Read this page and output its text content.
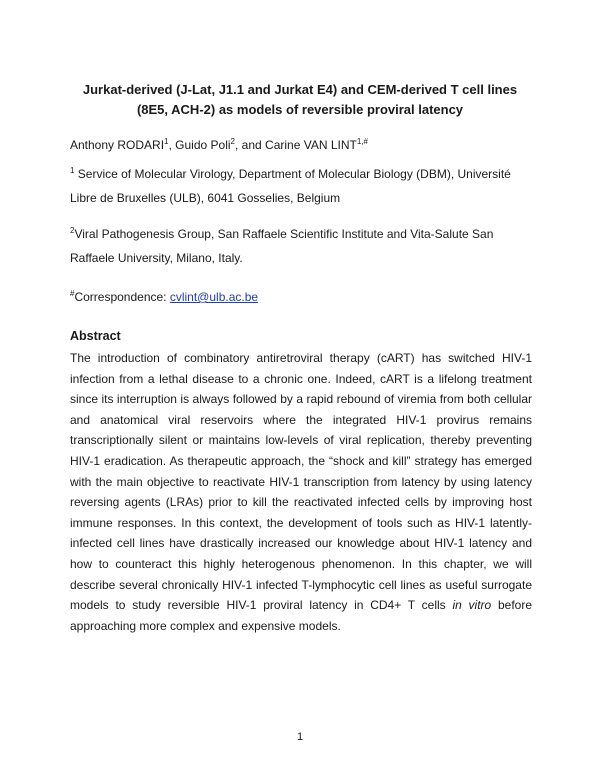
Jurkat-derived (J-Lat, J1.1 and Jurkat E4) and CEM-derived T cell lines (8E5, ACH-2) as models of reversible proviral latency
Anthony RODARI$^1$, Guido Poli$^2$, and Carine VAN $LINT^{1,\#}$
$^1$ Service of Molecular Virology, Department of Molecular Biology (DBM), Université Libre de Bruxelles (ULB), 6041 Gosselies, Belgium
$^2$Viral Pathogenesis Group, San Raffaele Scientific Institute and Vita-Salute San Raffaele University, Milano, Italy.
#Correspondence: cvlint@ulb.ac.be
Abstract
The introduction of combinatory antiretroviral therapy (cART) has switched HIV-1 infection from a lethal disease to a chronic one. Indeed, cART is a lifelong treatment since its interruption is always followed by a rapid rebound of viremia from both cellular and anatomical viral reservoirs where the integrated HIV-1 provirus remains transcriptionally silent or maintains low-levels of viral replication, thereby preventing HIV-1 eradication. As therapeutic approach, the “shock and kill” strategy has emerged with the main objective to reactivate HIV-1 transcription from latency by using latency reversing agents (LRAs) prior to kill the reactivated infected cells by improving host immune responses. In this context, the development of tools such as HIV-1 latently-infected cell lines have drastically increased our knowledge about HIV-1 latency and how to counteract this highly heterogenous phenomenon. In this chapter, we will describe several chronically HIV-1 infected T-lymphocytic cell lines as useful surrogate models to study reversible HIV-1 proviral latency in CD4+ T cells in vitro before approaching more complex and expensive models.
1
